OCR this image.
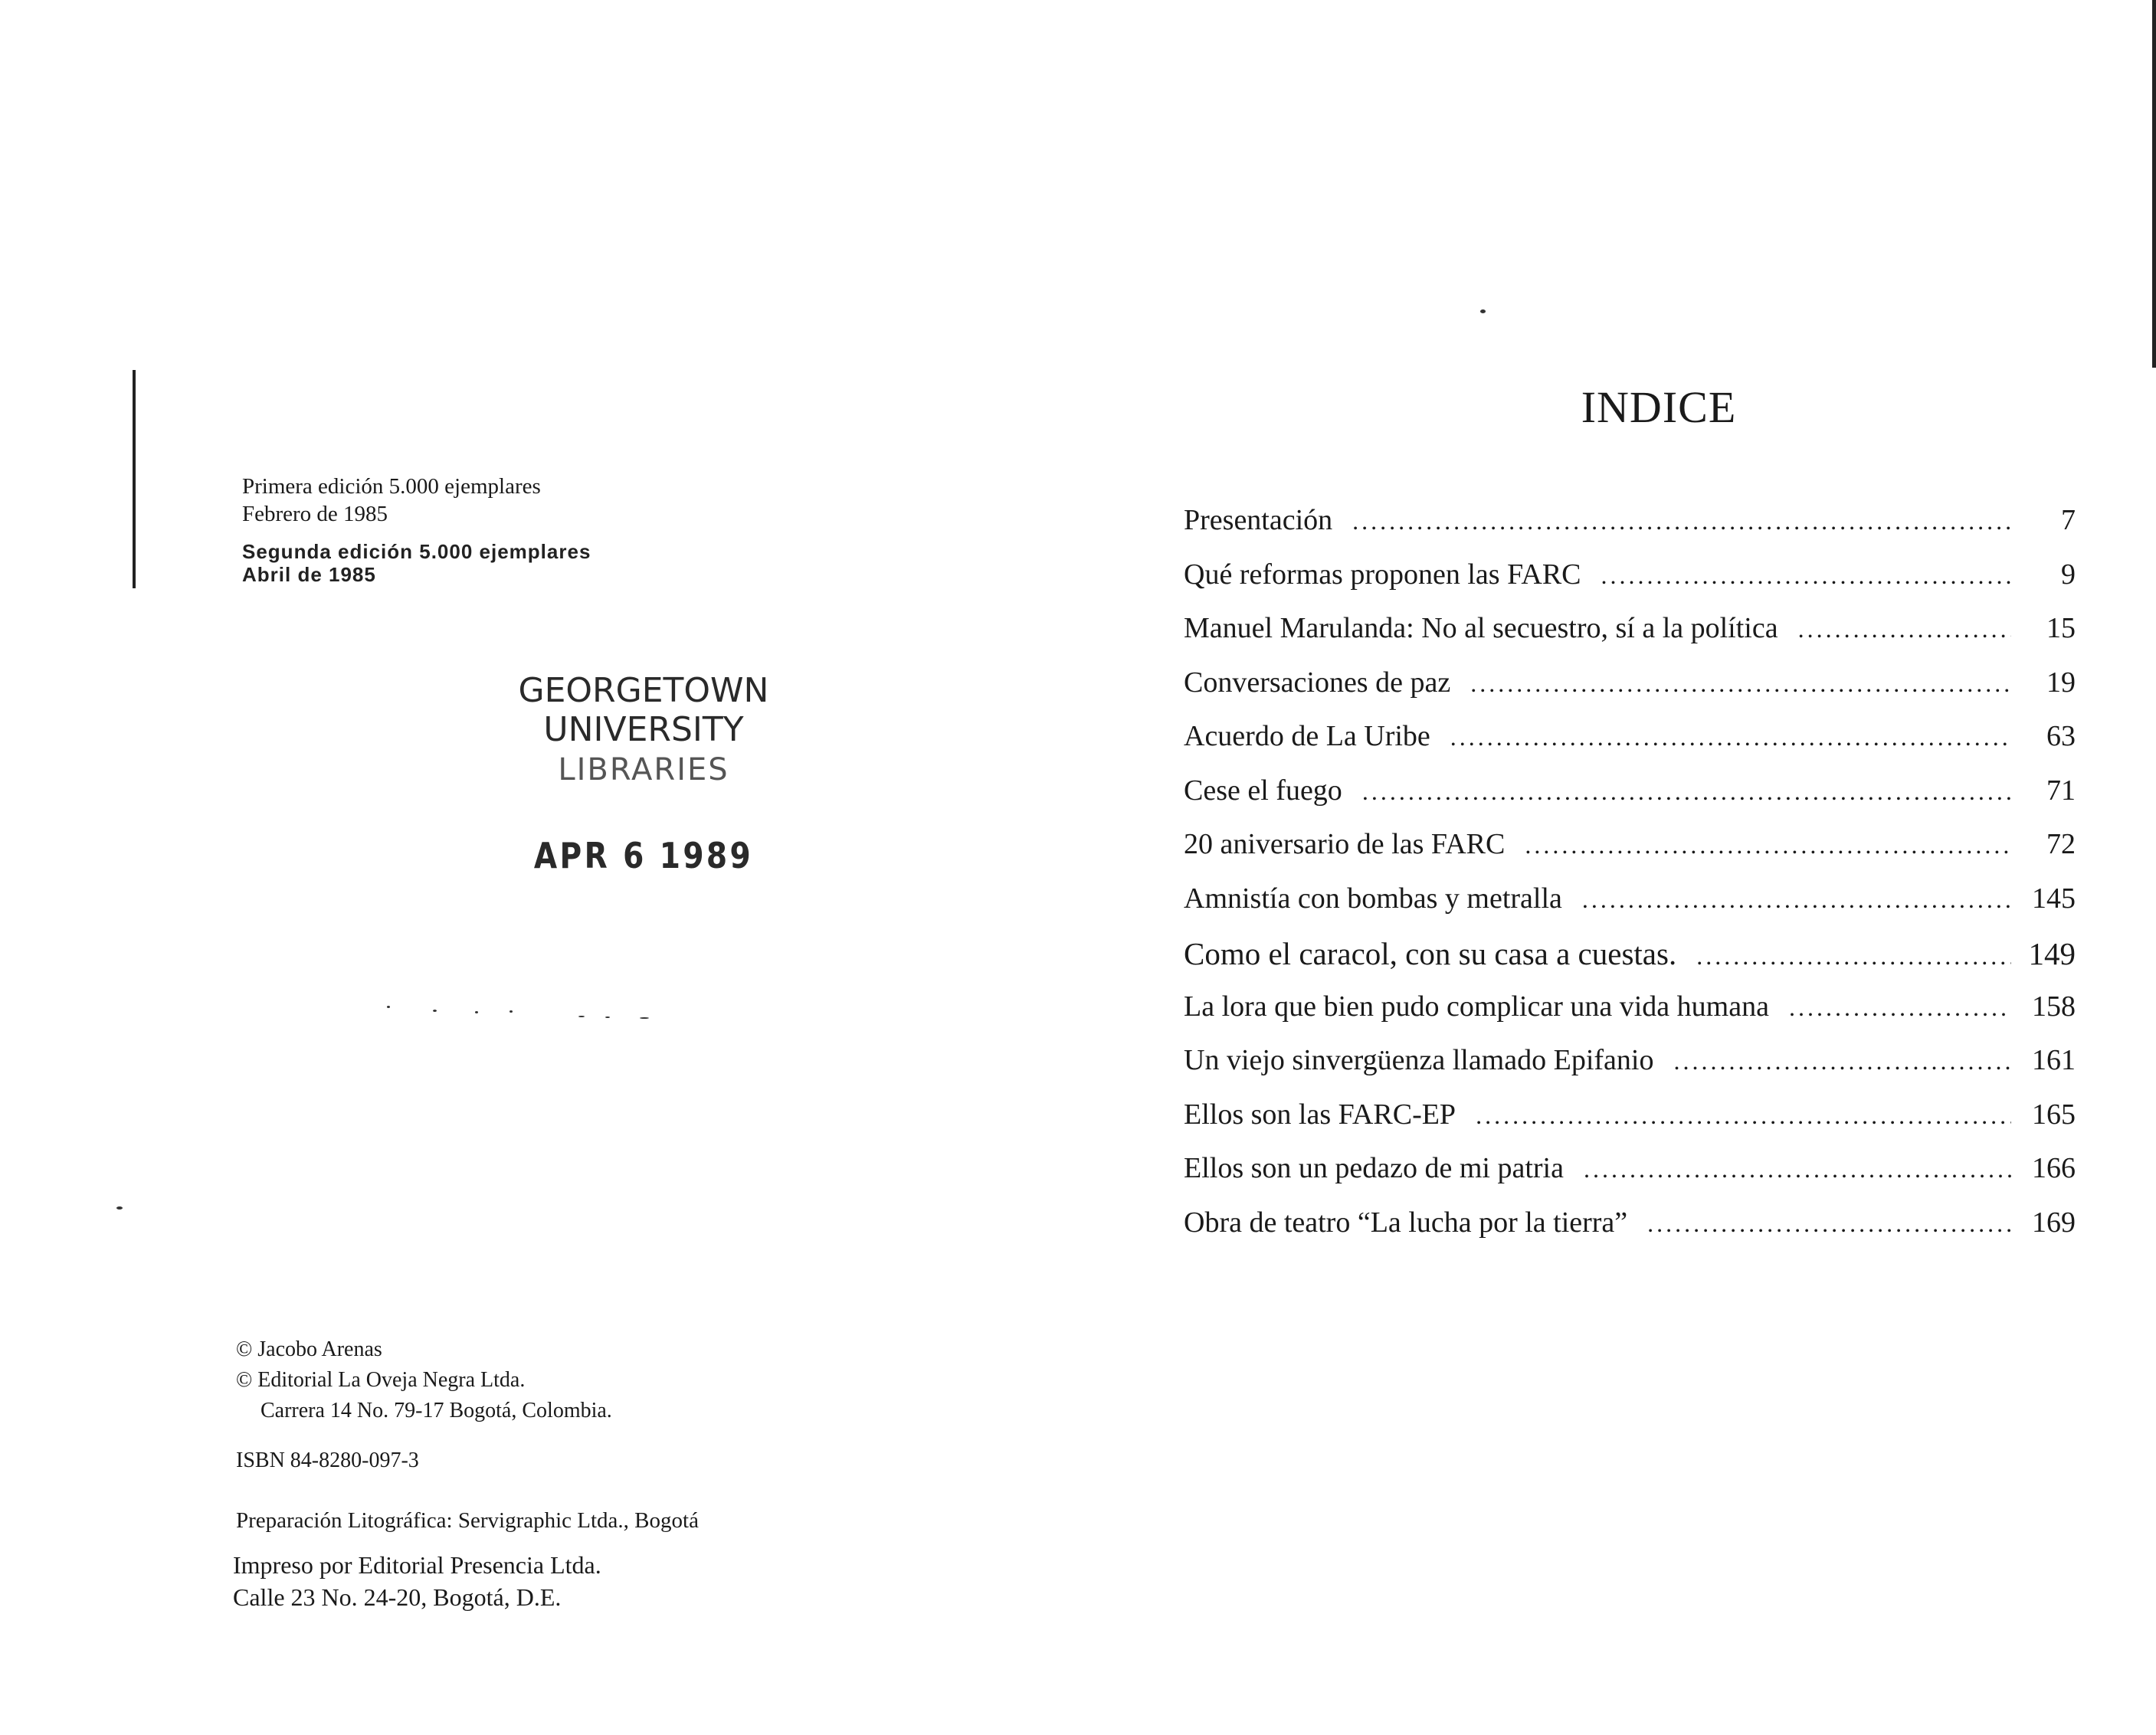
Primera edición 5.000 ejemplares
Febrero de 1985
Segunda edición 5.000 ejemplares
Abril de 1985
GEORGETOWN UNIVERSITY
LIBRARIES
APR 6 1989
© Jacobo Arenas
© Editorial La Oveja Negra Ltda.
Carrera 14 No. 79-17 Bogotá, Colombia.
ISBN 84-8280-097-3
Preparación Litográfica: Servigraphic Ltda., Bogotá
Impreso por Editorial Presencia Ltda.
Calle 23 No. 24-20, Bogotá, D.E.
INDICE
Presentación . . .	7
Qué reformas proponen las FARC . . .	9
Manuel Marulanda: No al secuestro, sí a la política . . .	15
Conversaciones de paz . . .	19
Acuerdo de La Uribe . . .	63
Cese el fuego . . .	71
20 aniversario de las FARC . . .	72
Amnistía con bombas y metralla . . .	145
Como el caracol, con su casa a cuestas. . . .	149
La lora que bien pudo complicar una vida humana . . .	158
Un viejo sinvergüenza llamado Epifanio . . .	161
Ellos son las FARC-EP . . .	165
Ellos son un pedazo de mi patria . . .	166
Obra de teatro “La lucha por la tierra” . . .	169
